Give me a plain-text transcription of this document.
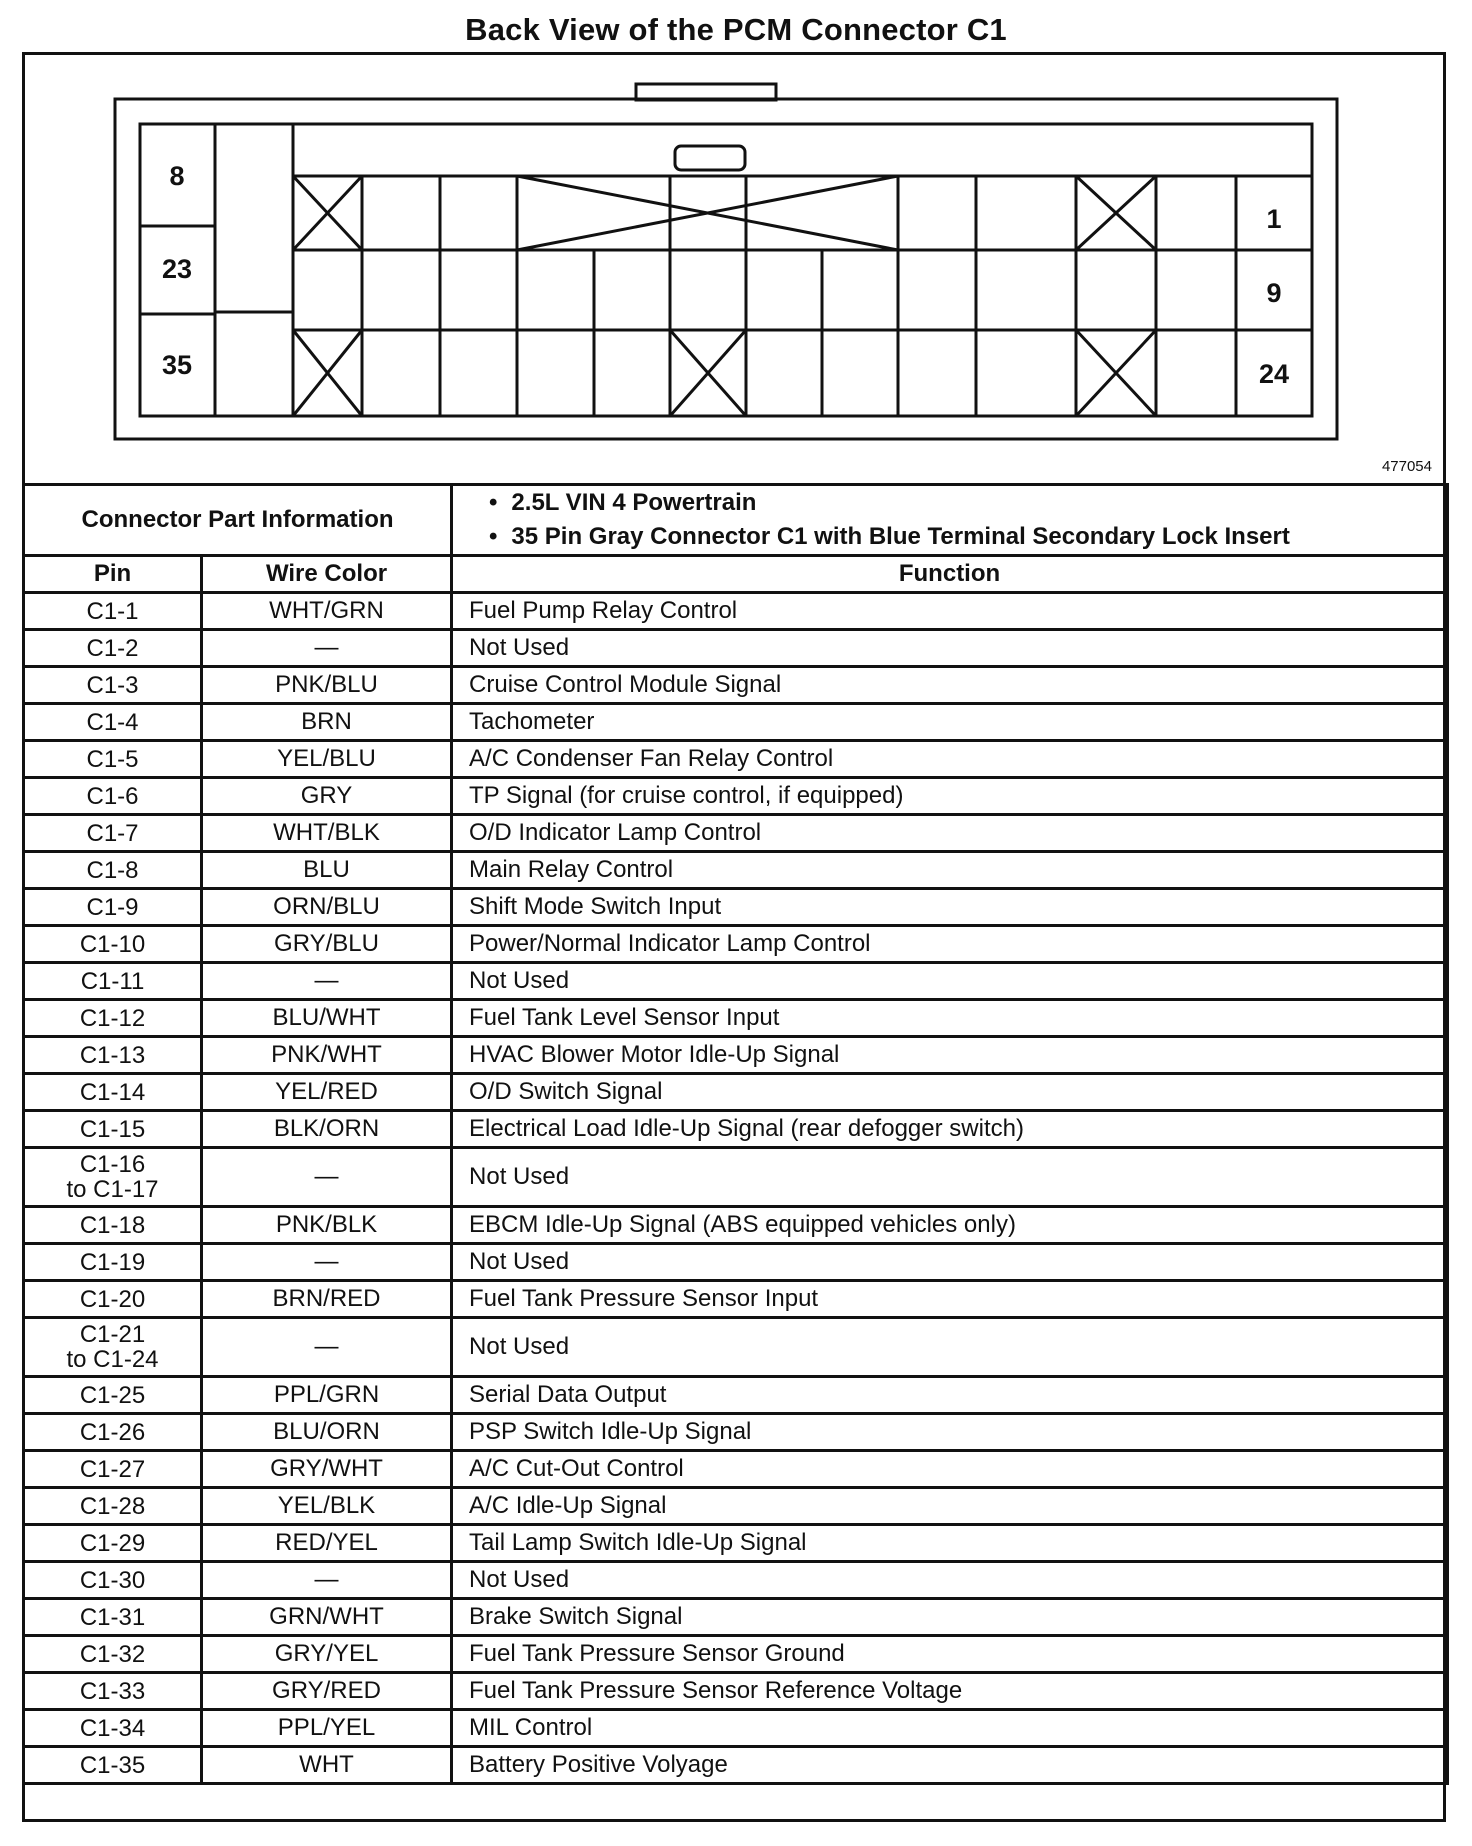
Back View of the PCM Connector C1
8
23
35
1
9
24
477054
Connector Part Information		• 2.5L VIN 4 Powertrain
• 35 Pin Gray Connector C1 with Blue Terminal Secondary Lock Insert

Pin	Wire Color	Function

C1-1	WHT/GRN	Fuel Pump Relay Control

C1-2	—	Not Used

C1-3	PNK/BLU	Cruise Control Module Signal

C1-4	BRN	Tachometer

C1-5	YEL/BLU	A/C Condenser Fan Relay Control

C1-6	GRY	TP Signal (for cruise control, if equipped)

C1-7	WHT/BLK	O/D Indicator Lamp Control

C1-8	BLU	Main Relay Control

C1-9	ORN/BLU	Shift Mode Switch Input

C1-10	GRY/BLU	Power/Normal Indicator Lamp Control

C1-11	—	Not Used

C1-12	BLU/WHT	Fuel Tank Level Sensor Input

C1-13	PNK/WHT	HVAC Blower Motor Idle-Up Signal

C1-14	YEL/RED	O/D Switch Signal

C1-15	BLK/ORN	Electrical Load Idle-Up Signal (rear defogger switch)

C1-16
to C1-17	—	Not Used

C1-18	PNK/BLK	EBCM Idle-Up Signal (ABS equipped vehicles only)

C1-19	—	Not Used

C1-20	BRN/RED	Fuel Tank Pressure Sensor Input

C1-21
to C1-24	—	Not Used

C1-25	PPL/GRN	Serial Data Output

C1-26	BLU/ORN	PSP Switch Idle-Up Signal

C1-27	GRY/WHT	A/C Cut-Out Control

C1-28	YEL/BLK	A/C Idle-Up Signal

C1-29	RED/YEL	Tail Lamp Switch Idle-Up Signal

C1-30	—	Not Used

C1-31	GRN/WHT	Brake Switch Signal

C1-32	GRY/YEL	Fuel Tank Pressure Sensor Ground

C1-33	GRY/RED	Fuel Tank Pressure Sensor Reference Voltage

C1-34	PPL/YEL	MIL Control

C1-35	WHT	Battery Positive Volyage
